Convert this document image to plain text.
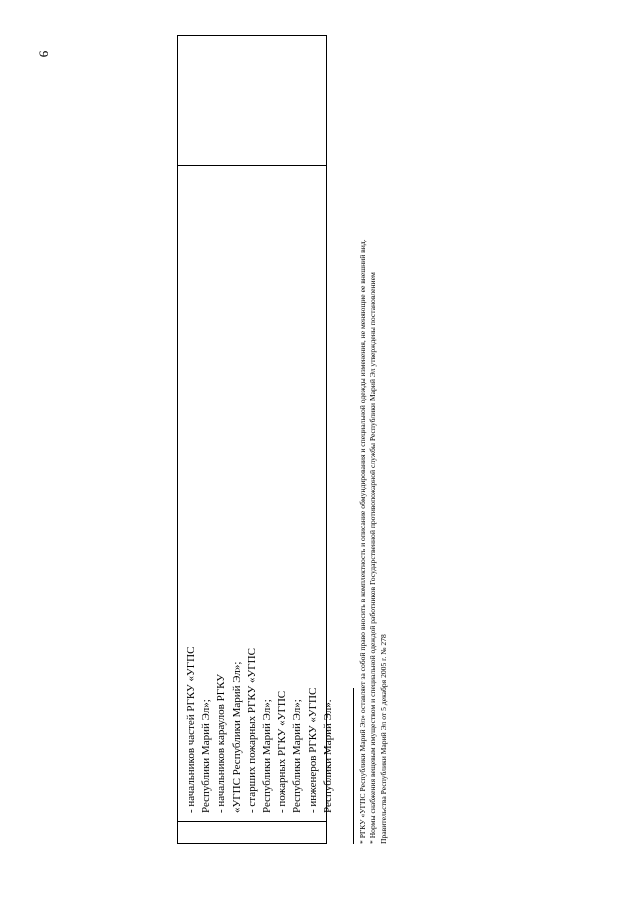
9
- начальников частей РГКУ «УГПС Республики Марий Эл»; - начальников караулов РГКУ «УГПС Республики Марий Эл»; - старших пожарных РГКУ «УГПС Республики Марий Эл»; - пожарных РГКУ «УГПС Республики Марий Эл»; - инженеров РГКУ «УГПС Республики Марий Эл».	* РГКУ «УГПС Республики Марий Эл» оставляет за собой право вносить в комплектность и описание обмундирования и специальной одежды изменения, не меняющие ее внешний вид. * Нормы снабжения вещевым имуществом и специальной одеждой работников Государственной противопожарной службы Республики Марий Эл утверждены постановлением Правительства Республики Марий Эл от 5 декабря 2005 г. № 278
